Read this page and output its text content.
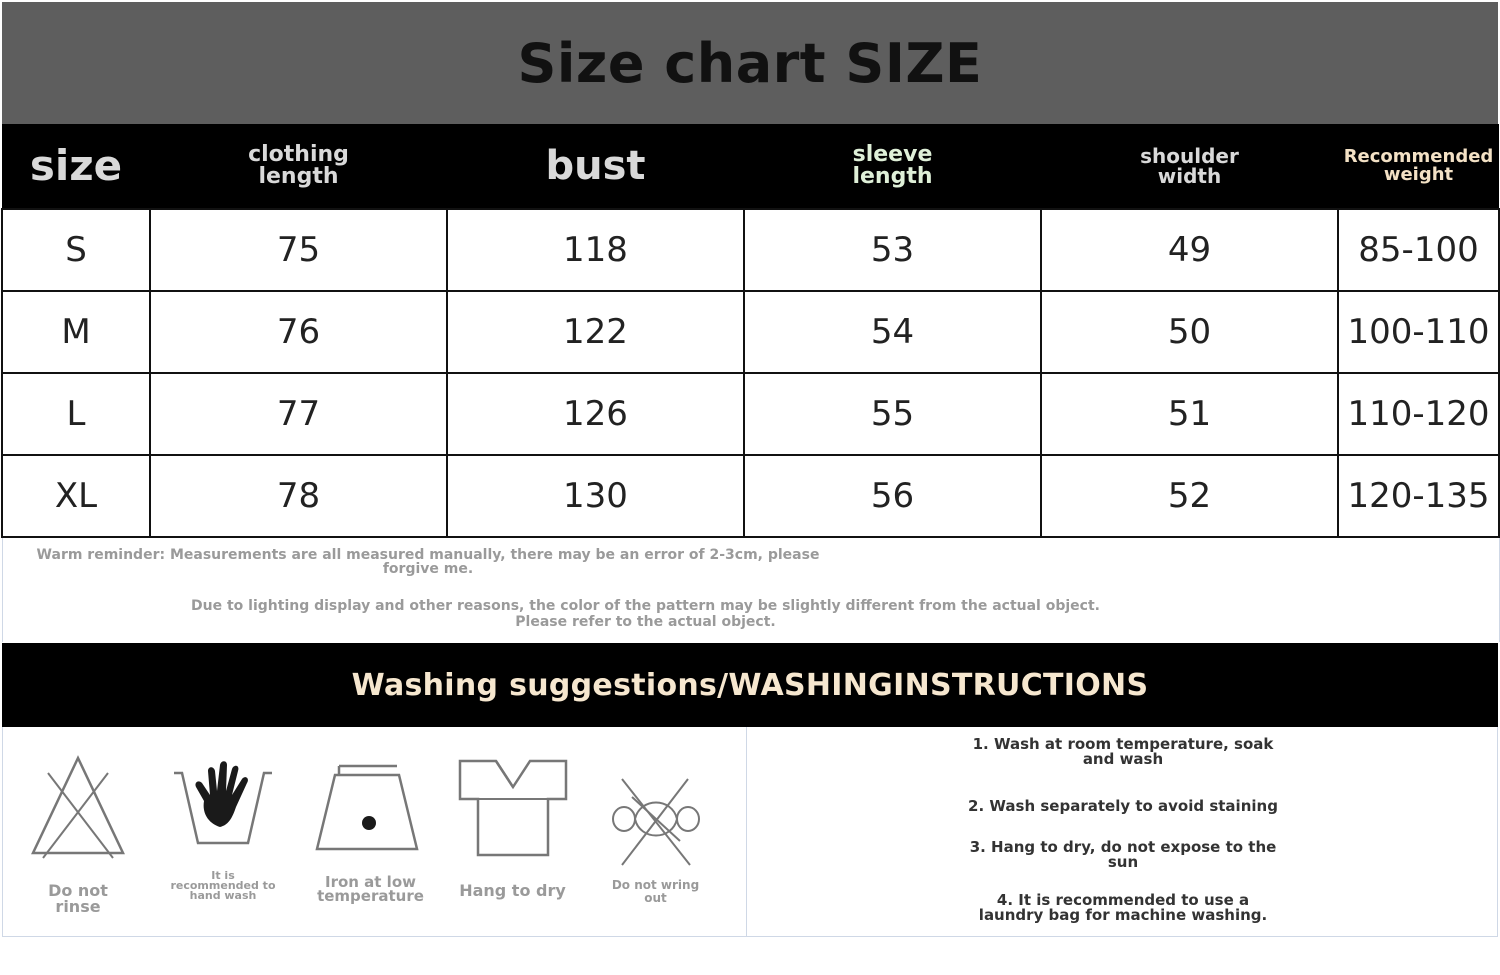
Size chart SIZE
size	clothing length	bust	sleeve length	shoulder width	Recommended weight

S	75	118	53	49	85-100
M	76	122	54	50	100-110
L	77	126	55	51	110-120
XL	78	130	56	52	120-135
Warm reminder: Measurements are all measured manually, there may be an error of 2-3cm, please forgive me.
Due to lighting display and other reasons, the color of the pattern may be slightly different from the actual object. Please refer to the actual object.
Washing suggestions/WASHINGINSTRUCTIONS
Do not rinse
It is recommended to hand wash
Iron at low temperature	Hang to dry	Do not wring out
1. Wash at room temperature, soak and wash
2. Wash separately to avoid staining
3. Hang to dry, do not expose to the sun
4. It is recommended to use a laundry bag for machine washing.
